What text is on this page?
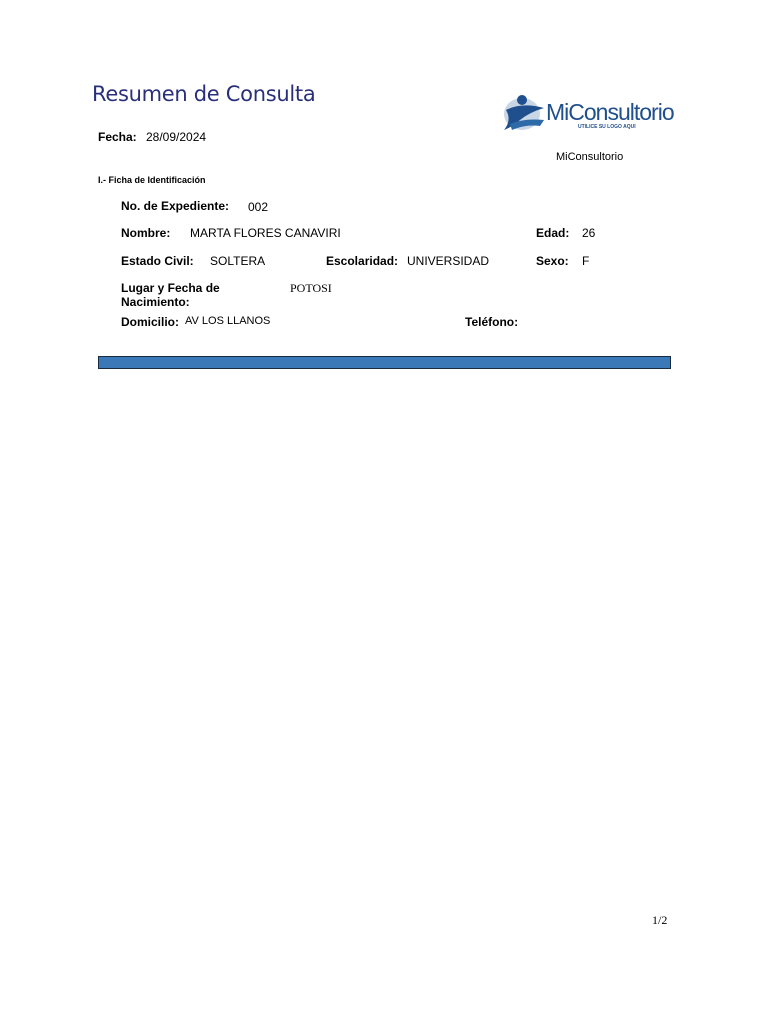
Resumen de Consulta
Fecha: 28/09/2024
MiConsultorio
UTILICE SU LOGO AQUI
MiConsultorio
I.- Ficha de Identificación
No. de Expediente: 002
Nombre: MARTA FLORES CANAVIRI	Edad: 26
Estado Civil: SOLTERA	Escolaridad: UNIVERSIDAD	Sexo: F
Lugar y Fecha de
Nacimiento:
POTOSI
Domicilio: AV LOS LLANOS	Teléfono:
1/2
